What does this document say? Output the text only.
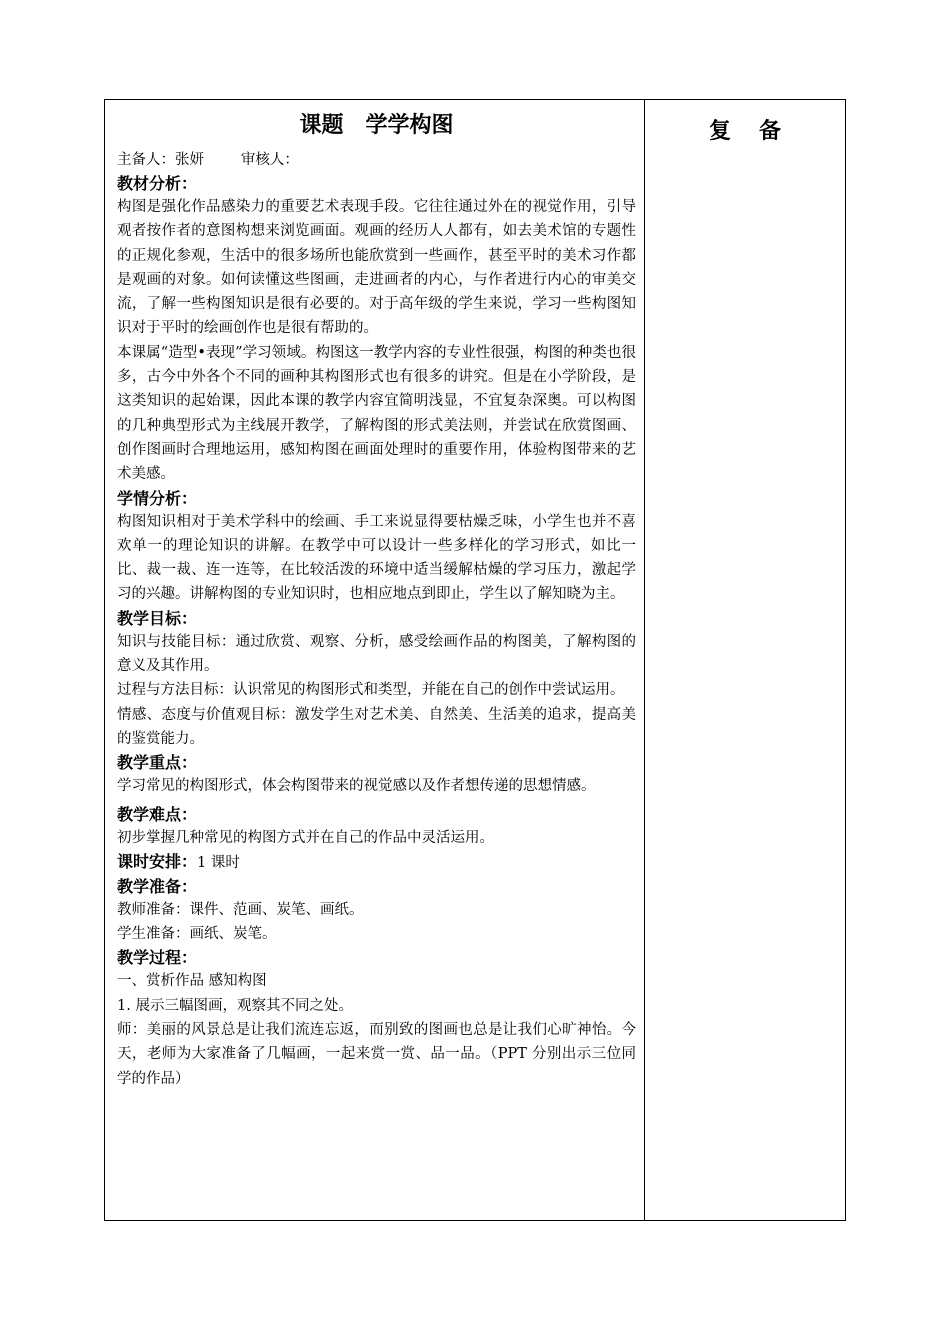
课题　学学构图
主备人：张妍	审核人：
教材分析：
构图是强化作品感染力的重要艺术表现手段。它往往通过外在的视觉作用，引导观者按作者的意图构想来浏览画面。观画的经历人人都有，如去美术馆的专题性的正规化参观，生活中的很多场所也能欣赏到一些画作，甚至平时的美术习作都是观画的对象。如何读懂这些图画，走进画者的内心，与作者进行内心的审美交流，了解一些构图知识是很有必要的。对于高年级的学生来说，学习一些构图知识对于平时的绘画创作也是很有帮助的。
本课属“造型•表现”学习领域。构图这一教学内容的专业性很强，构图的种类也很多，古今中外各个不同的画种其构图形式也有很多的讲究。但是在小学阶段，是这类知识的起始课，因此本课的教学内容宜简明浅显，不宜复杂深奥。可以构图的几种典型形式为主线展开教学，了解构图的形式美法则，并尝试在欣赏图画、创作图画时合理地运用，感知构图在画面处理时的重要作用，体验构图带来的艺术美感。
学情分析：
构图知识相对于美术学科中的绘画、手工来说显得要枯燥乏味，小学生也并不喜欢单一的理论知识的讲解。在教学中可以设计一些多样化的学习形式，如比一比、裁一裁、连一连等，在比较活泼的环境中适当缓解枯燥的学习压力，激起学习的兴趣。讲解构图的专业知识时，也相应地点到即止，学生以了解知晓为主。
教学目标：
知识与技能目标：通过欣赏、观察、分析，感受绘画作品的构图美，了解构图的意义及其作用。
过程与方法目标：认识常见的构图形式和类型，并能在自己的创作中尝试运用。
情感、态度与价值观目标：激发学生对艺术美、自然美、生活美的追求，提高美的鉴赏能力。
教学重点：
学习常见的构图形式，体会构图带来的视觉感以及作者想传递的思想情感。
教学难点：
初步掌握几种常见的构图方式并在自己的作品中灵活运用。
课时安排：1 课时
教学准备：
教师准备：课件、范画、炭笔、画纸。
学生准备：画纸、炭笔。
教学过程：
一、赏析作品 感知构图
1. 展示三幅图画，观察其不同之处。
师：美丽的风景总是让我们流连忘返，而别致的图画也总是让我们心旷神怡。今天，老师为大家准备了几幅画，一起来赏一赏、品一品。（PPT 分别出示三位同学的作品）
复备
